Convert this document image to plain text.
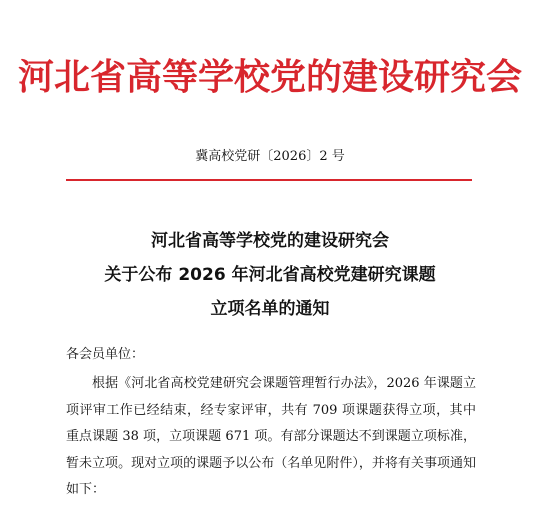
河北省高等学校党的建设研究会
冀高校党研〔2026〕2 号
河北省高等学校党的建设研究会
关于公布 2026 年河北省高校党建研究课题
立项名单的通知
各会员单位：
根据《河北省高校党建研究会课题管理暂行办法》，2026 年课题立项评审工作已经结束，经专家评审，共有 709 项课题获得立项，其中重点课题 38 项，立项课题 671 项。有部分课题达不到课题立项标准，暂未立项。现对立项的课题予以公布（名单见附件），并将有关事项通知如下：
